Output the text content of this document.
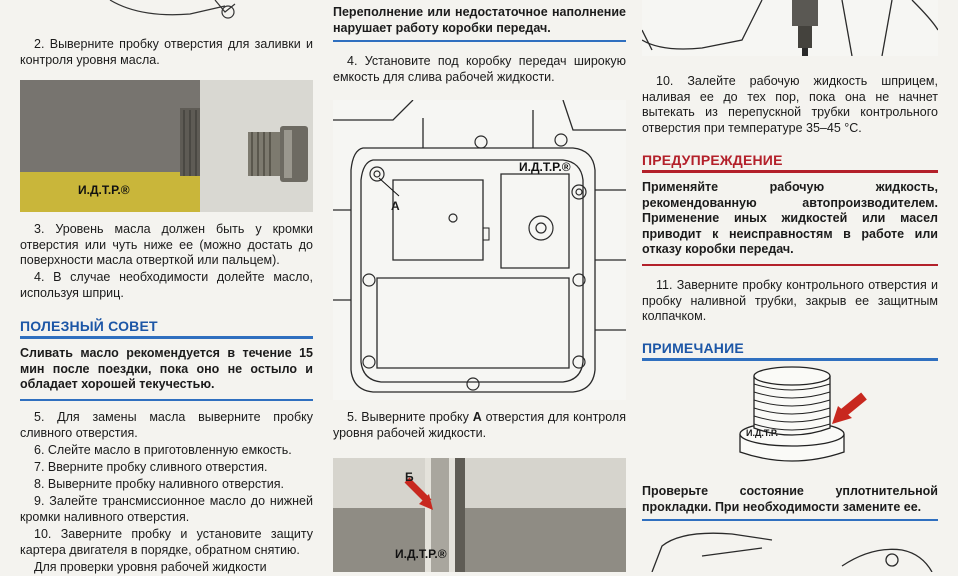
2. Выверните пробку отверстия для заливки и контроля уровня масла.

И.Д.Т.Р.®

3. Уровень масла должен быть у кромки отверстия или чуть ниже ее (можно достать до поверхности масла отверткой или пальцем).

4. В случае необходимости долейте масло, используя шприц.

ПОЛЕЗНЫЙ СОВЕТ

Сливать масло рекомендуется в течение 15 мин после поездки, пока оно не остыло и обладает хорошей текучестью.

5. Для замены масла выверните пробку сливного отверстия.

6. Слейте масло в приготовленную емкость.

7. Вверните пробку сливного отверстия.

8. Выверните пробку наливного отверстия.

9. Залейте трансмиссионное масло до нижней кромки наливного отверстия.

10. Заверните пробку и установите защиту картера двигателя в порядке, обратном снятию.

Для проверки уровня рабочей жидкости

Переполнение или недостаточное наполнение нарушает работу коробки передач.

4. Установите под коробку передач широкую емкость для слива рабочей жидкости.

А
И.Д.Т.Р.®

5. Выверните пробку А отверстия для контроля уровня рабочей жидкости.

Б
И.Д.Т.Р.®

10. Залейте рабочую жидкость шприцем, наливая ее до тех пор, пока она не начнет вытекать из перепускной трубки контрольного отверстия при температуре 35–45 °С.

ПРЕДУПРЕЖДЕНИЕ

Применяйте рабочую жидкость, рекомендованную автопроизводителем. Применение иных жидкостей или масел приводит к неисправностям в работе или отказу коробки передач.

11. Заверните пробку контрольного отверстия и пробку наливной трубки, закрыв ее защитным колпачком.

ПРИМЕЧАНИЕ
И.Д.Т.Р.

Проверьте состояние уплотнительной прокладки. При необходимости замените ее.
